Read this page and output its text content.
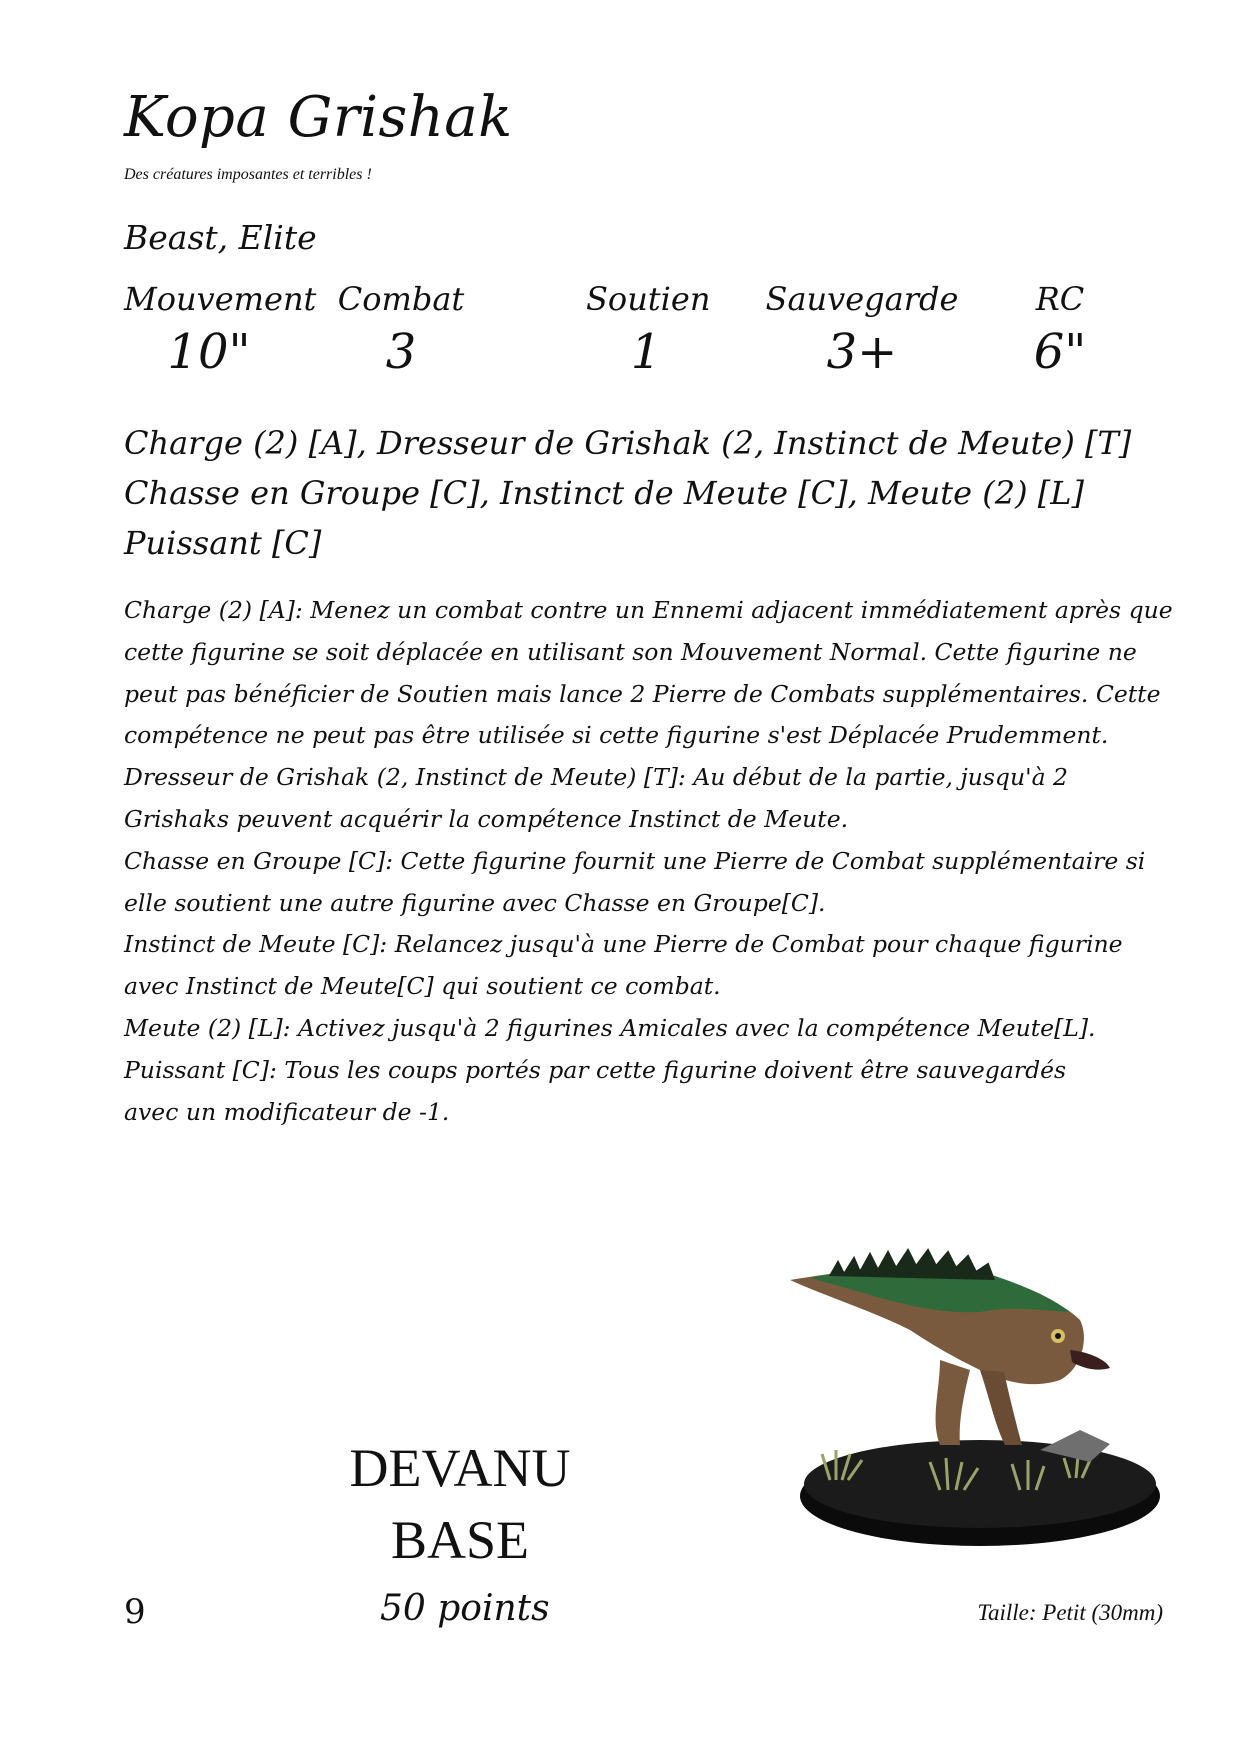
Kopa Grishak
Des créatures imposantes et terribles !
Beast, Elite
Mouvement
10"
Combat
3
Soutien
1
Sauvegarde
3+
RC
6"
Charge (2) [A], Dresseur de Grishak (2, Instinct de Meute) [T]
Chasse en Groupe [C], Instinct de Meute [C], Meute (2) [L]
Puissant [C]
Charge (2) [A]: Menez un combat contre un Ennemi adjacent immédiatement après que
cette figurine se soit déplacée en utilisant son Mouvement Normal. Cette figurine ne
peut pas bénéficier de Soutien mais lance 2 Pierre de Combats supplémentaires. Cette
compétence ne peut pas être utilisée si cette figurine s'est Déplacée Prudemment.
Dresseur de Grishak (2, Instinct de Meute) [T]: Au début de la partie, jusqu'à 2
Grishaks peuvent acquérir la compétence Instinct de Meute.
Chasse en Groupe [C]: Cette figurine fournit une Pierre de Combat supplémentaire si
elle soutient une autre figurine avec Chasse en Groupe[C].
Instinct de Meute [C]: Relancez jusqu'à une Pierre de Combat pour chaque figurine
avec Instinct de Meute[C] qui soutient ce combat.
Meute (2) [L]: Activez jusqu'à 2 figurines Amicales avec la compétence Meute[L].
Puissant [C]: Tous les coups portés par cette figurine doivent être sauvegardés
avec un modificateur de -1.
DEVANU
BASE
9	50 points	Taille: Petit (30mm)
